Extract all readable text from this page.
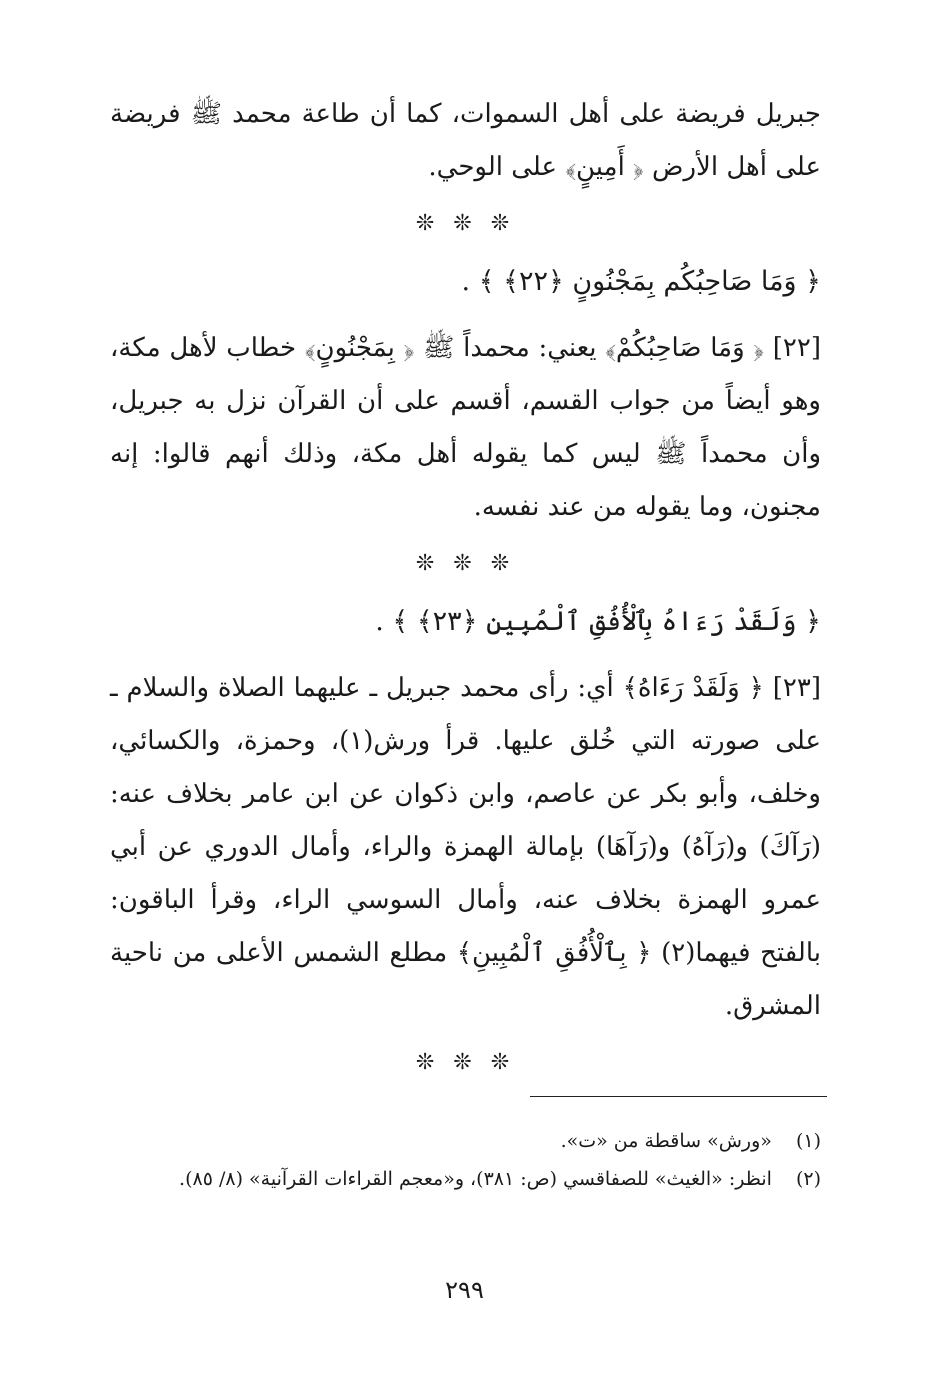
جبريل فريضة على أهل السموات، كما أن طاعة محمد ﷺ فريضة على أهل الأرض ﴿ أَمِينٍ﴾ على الوحي.

❊ ❊ ❊

﴿ وَمَا صَاحِبُكُم بِمَجْنُونٍ ﴿٢٢﴾ ﴾ .

[٢٢] ﴿ وَمَا صَاحِبُكُمْ﴾ يعني: محمداً ﷺ ﴿ بِمَجْنُونٍ﴾ خطاب لأهل مكة، وهو أيضاً من جواب القسم، أقسم على أن القرآن نزل به جبريل، وأن محمداً ﷺ ليس كما يقوله أهل مكة، وذلك أنهم قالوا: إنه مجنون، وما يقوله من عند نفسه.

❊ ❊ ❊

﴿ وَلَقَدْ رَءَاهُ بِٱلْأُفُقِ ٱلْمُبِينِ ﴿٢٣﴾ ﴾ .

[٢٣] ﴿ وَلَقَدْ رَءَاهُ﴾ أي: رأى محمد جبريل ـ عليهما الصلاة والسلام ـ على صورته التي خُلق عليها. قرأ ورش(١)، وحمزة، والكسائي، وخلف، وأبو بكر عن عاصم، وابن ذكوان عن ابن عامر بخلاف عنه: (رَآكَ) و(رَآهُ) و(رَآهَا) بإمالة الهمزة والراء، وأمال الدوري عن أبي عمرو الهمزة بخلاف عنه، وأمال السوسي الراء، وقرأ الباقون: بالفتح فيهما(٢) ﴿ بِٱلْأُفُقِ ٱلْمُبِينِ﴾ مطلع الشمس الأعلى من ناحية المشرق.

❊ ❊ ❊

(١) «ورش» ساقطة من «ت».

(٢) انظر: «الغيث» للصفاقسي (ص: ٣٨١)، و«معجم القراءات القرآنية» (٨/ ٨٥).

٢٩٩
